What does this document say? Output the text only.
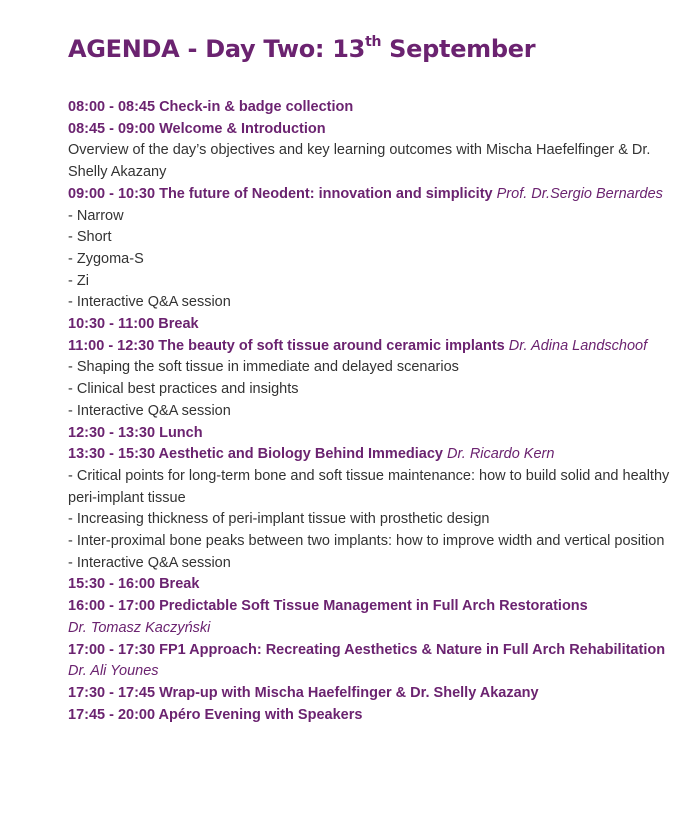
AGENDA - Day Two: 13th September
08:00 - 08:45 Check-in & badge collection
08:45 - 09:00 Welcome & Introduction
Overview of the day’s objectives and key learning outcomes with Mischa Haefelfinger & Dr. Shelly Akazany
09:00 - 10:30 The future of Neodent: innovation and simplicity Prof. Dr.Sergio Bernardes
- Narrow
- Short
- Zygoma-S
- Zi
- Interactive Q&A session
10:30 - 11:00 Break
11:00 - 12:30 The beauty of soft tissue around ceramic implants Dr. Adina Landschoof
- Shaping the soft tissue in immediate and delayed scenarios
- Clinical best practices and insights
- Interactive Q&A session
12:30 - 13:30 Lunch
13:30 - 15:30 Aesthetic and Biology Behind Immediacy Dr. Ricardo Kern
- Critical points for long-term bone and soft tissue maintenance: how to build solid and healthy peri-implant tissue
- Increasing thickness of peri-implant tissue with prosthetic design
- Inter-proximal bone peaks between two implants: how to improve width and vertical position
- Interactive Q&A session
15:30 - 16:00 Break
16:00 - 17:00 Predictable Soft Tissue Management in Full Arch Restorations
Dr. Tomasz Kaczyński
17:00 - 17:30 FP1 Approach: Recreating Aesthetics & Nature in Full Arch Rehabilitation
Dr. Ali Younes
17:30 - 17:45 Wrap-up with Mischa Haefelfinger & Dr. Shelly Akazany
17:45 - 20:00 Apéro Evening with Speakers
